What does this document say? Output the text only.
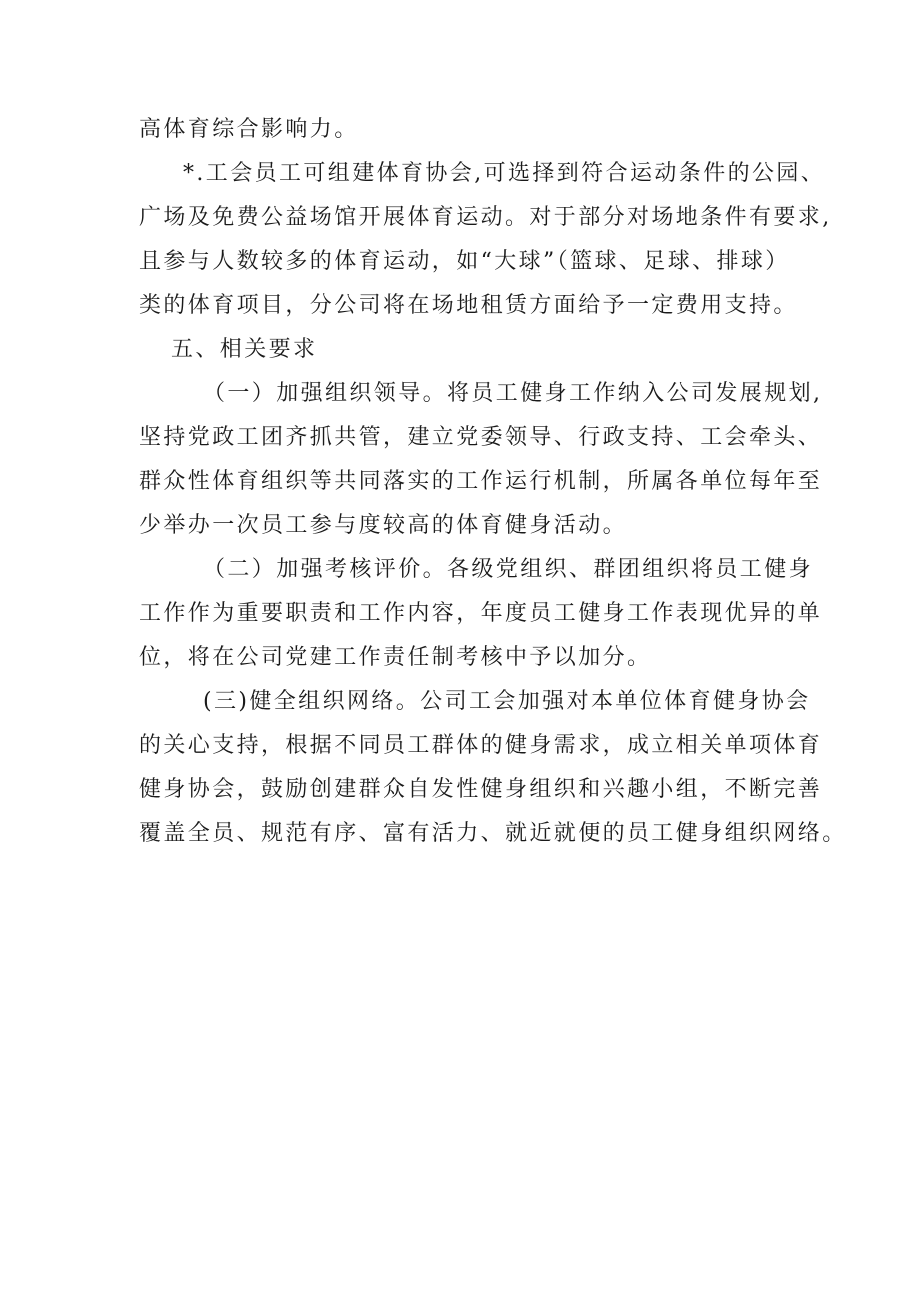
高体育综合影响力。
*.工会员工可组建体育协会,可选择到符合运动条件的公园、
广场及免费公益场馆开展体育运动。对于部分对场地条件有要求,
且参与人数较多的体育运动，如“大球”（篮球、足球、排球）
类的体育项目，分公司将在场地租赁方面给予一定费用支持。
五、相关要求
（一）加强组织领导。将员工健身工作纳入公司发展规划,
坚持党政工团齐抓共管，建立党委领导、行政支持、工会牵头、
群众性体育组织等共同落实的工作运行机制，所属各单位每年至
少举办一次员工参与度较高的体育健身活动。
（二）加强考核评价。各级党组织、群团组织将员工健身
工作作为重要职责和工作内容，年度员工健身工作表现优异的单
位，将在公司党建工作责任制考核中予以加分。
(三)健全组织网络。公司工会加强对本单位体育健身协会
的关心支持，根据不同员工群体的健身需求，成立相关单项体育
健身协会，鼓励创建群众自发性健身组织和兴趣小组，不断完善
覆盖全员、规范有序、富有活力、就近就便的员工健身组织网络。
